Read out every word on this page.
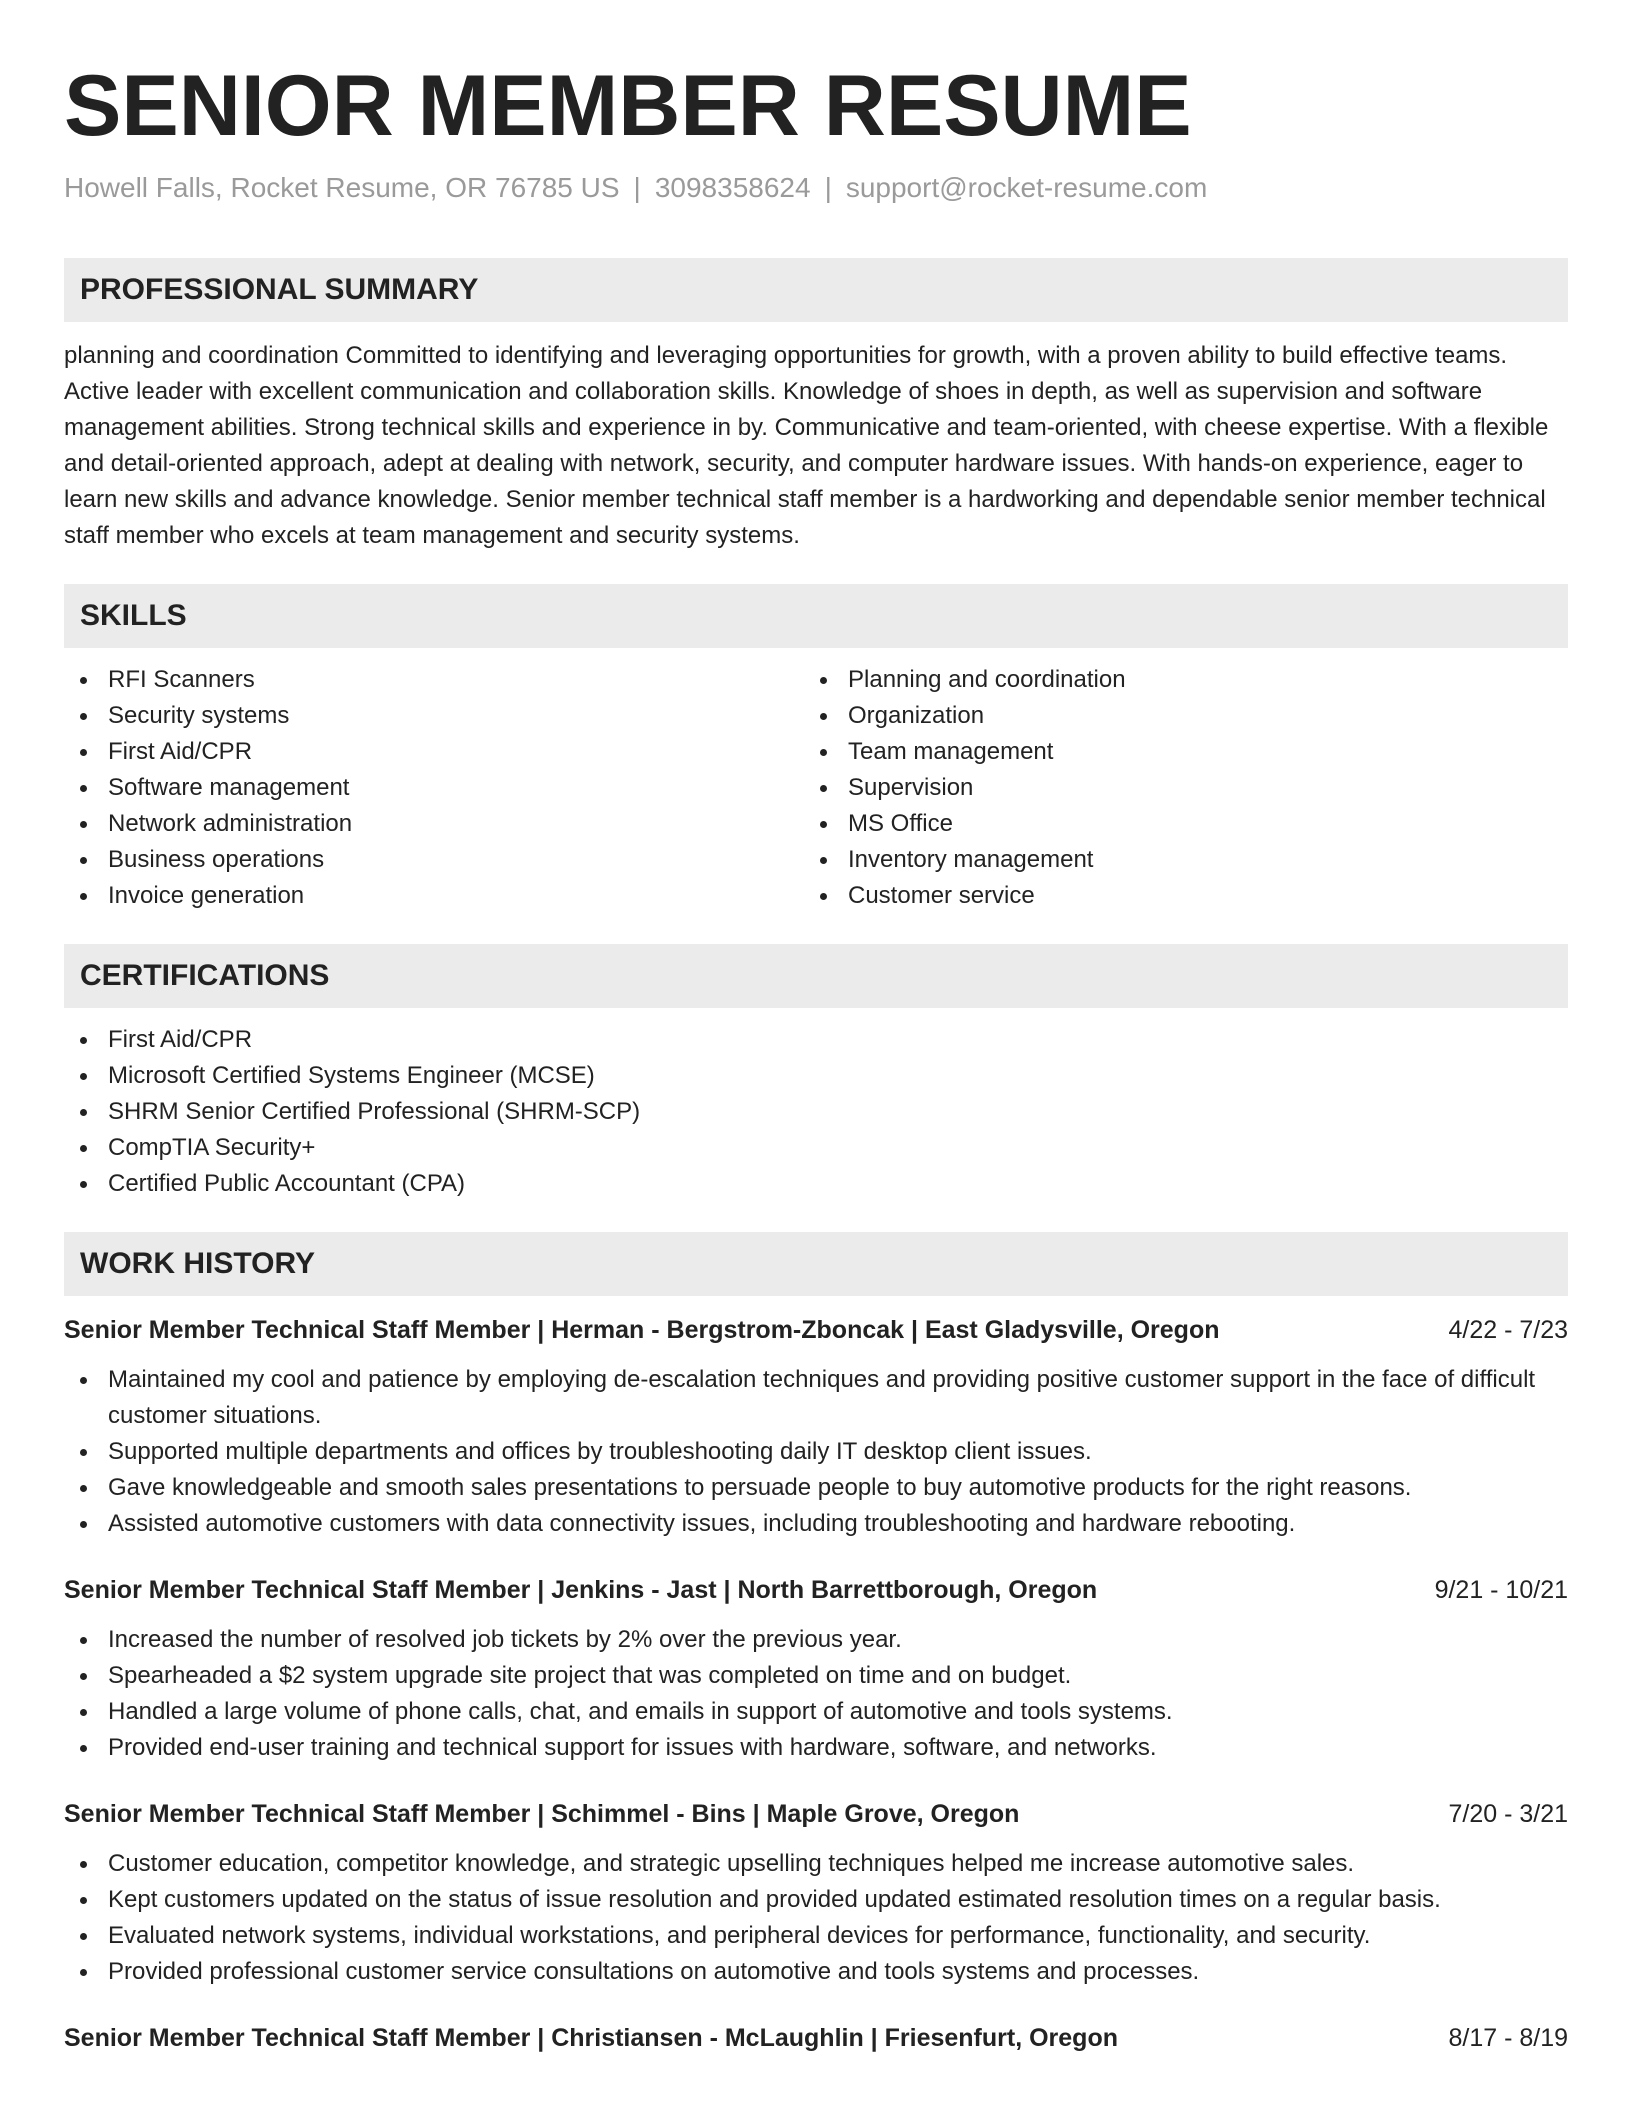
SENIOR MEMBER RESUME
Howell Falls, Rocket Resume, OR 76785 US | 3098358624 | support@rocket-resume.com
PROFESSIONAL SUMMARY

planning and coordination Committed to identifying and leveraging opportunities for growth, with a proven ability to build effective teams. Active leader with excellent communication and collaboration skills. Knowledge of shoes in depth, as well as supervision and software management abilities. Strong technical skills and experience in by. Communicative and team-oriented, with cheese expertise. With a flexible and detail-oriented approach, adept at dealing with network, security, and computer hardware issues. With hands-on experience, eager to learn new skills and advance knowledge. Senior member technical staff member is a hardworking and dependable senior member technical staff member who excels at team management and security systems.

SKILLS
RFI Scanners
Security systems
First Aid/CPR
Software management
Network administration
Business operations
Invoice generation
Planning and coordination
Organization
Team management
Supervision
MS Office
Inventory management
Customer service
CERTIFICATIONS
First Aid/CPR
Microsoft Certified Systems Engineer (MCSE)
SHRM Senior Certified Professional (SHRM-SCP)
CompTIA Security+
Certified Public Accountant (CPA)
WORK HISTORY
Senior Member Technical Staff Member | Herman - Bergstrom-Zboncak | East Gladysville, Oregon	4/22 - 7/23
Maintained my cool and patience by employing de-escalation techniques and providing positive customer support in the face of difficult customer situations.
Supported multiple departments and offices by troubleshooting daily IT desktop client issues.
Gave knowledgeable and smooth sales presentations to persuade people to buy automotive products for the right reasons.
Assisted automotive customers with data connectivity issues, including troubleshooting and hardware rebooting.
Senior Member Technical Staff Member | Jenkins - Jast | North Barrettborough, Oregon	9/21 - 10/21
Increased the number of resolved job tickets by 2% over the previous year.
Spearheaded a $2 system upgrade site project that was completed on time and on budget.
Handled a large volume of phone calls, chat, and emails in support of automotive and tools systems.
Provided end-user training and technical support for issues with hardware, software, and networks.
Senior Member Technical Staff Member | Schimmel - Bins | Maple Grove, Oregon	7/20 - 3/21
Customer education, competitor knowledge, and strategic upselling techniques helped me increase automotive sales.
Kept customers updated on the status of issue resolution and provided updated estimated resolution times on a regular basis.
Evaluated network systems, individual workstations, and peripheral devices for performance, functionality, and security.
Provided professional customer service consultations on automotive and tools systems and processes.
Senior Member Technical Staff Member | Christiansen - McLaughlin | Friesenfurt, Oregon	8/17 - 8/19
